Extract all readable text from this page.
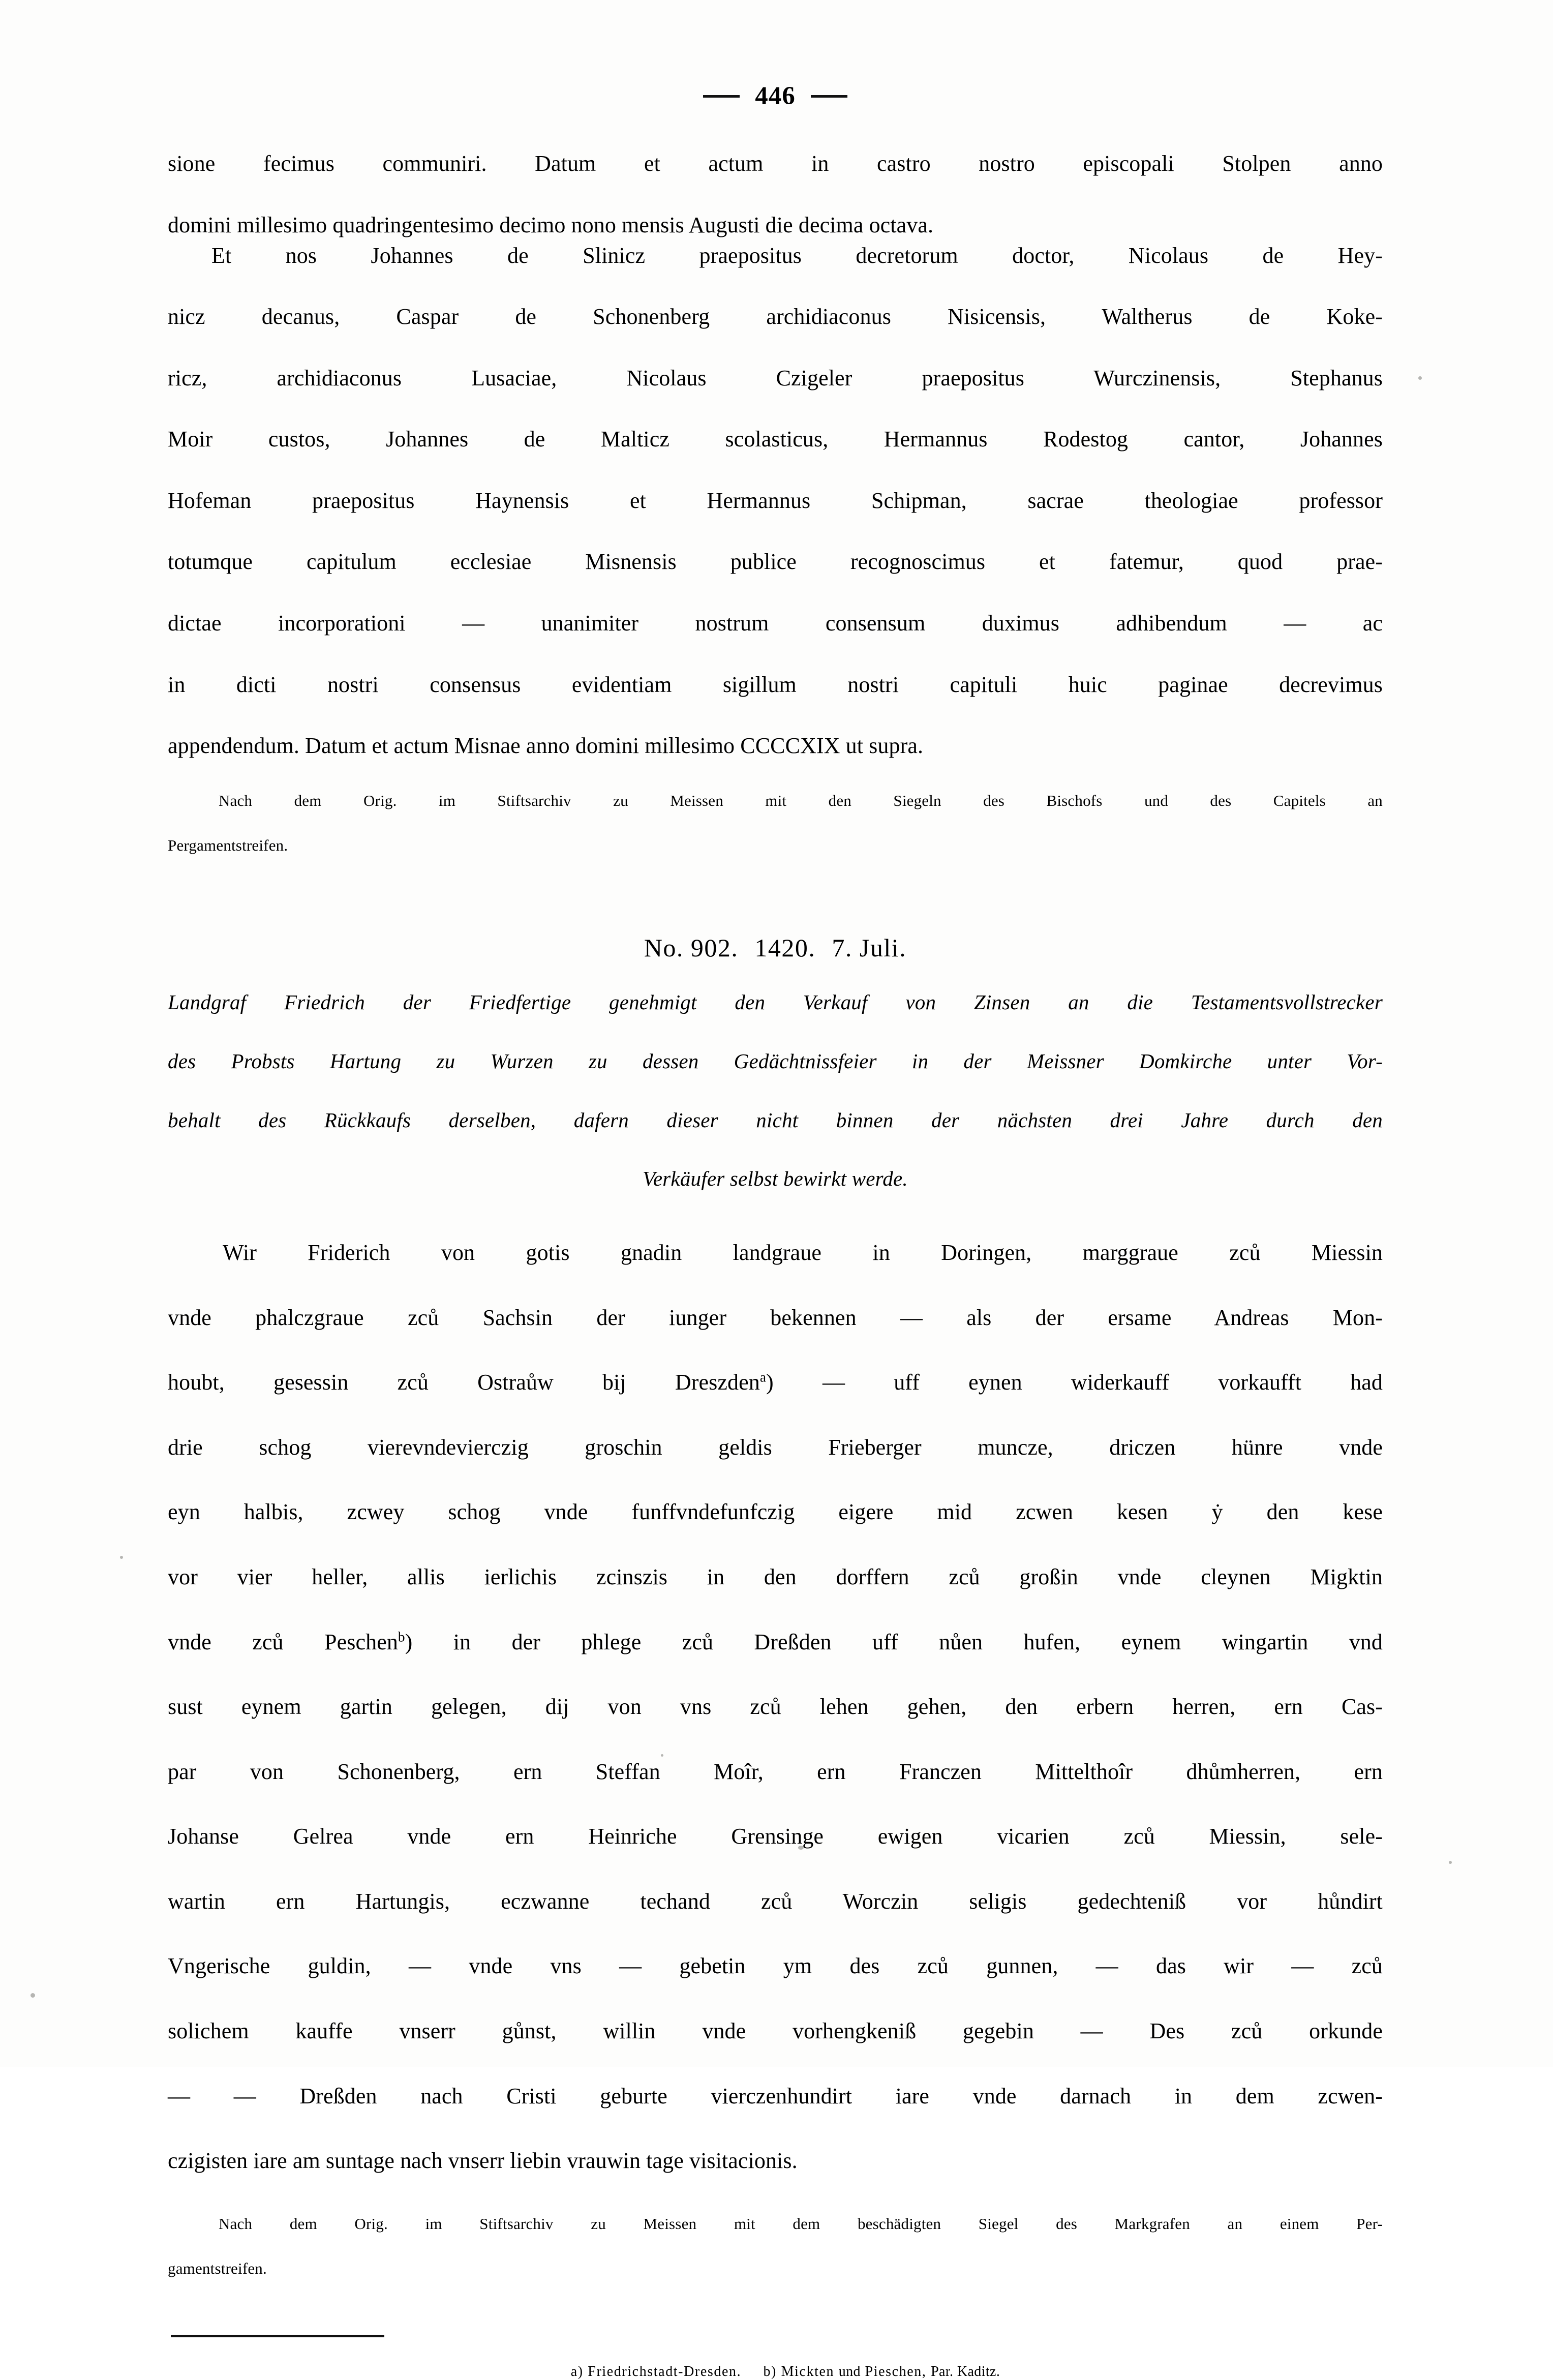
446

sione fecimus communiri. Datum et actum in castro nostro episcopali Stolpen anno
domini millesimo quadringentesimo decimo nono mensis Augusti die decima octava.

Et nos Johannes de Slinicz praepositus decretorum doctor, Nicolaus de Hey-
nicz decanus, Caspar de Schonenberg archidiaconus Nisicensis, Waltherus de Koke-
ricz, archidiaconus Lusaciae, Nicolaus Czigeler praepositus Wurczinensis, Stephanus
Moir custos, Johannes de Malticz scolasticus, Hermannus Rodestog cantor, Johannes
Hofeman praepositus Haynensis et Hermannus Schipman, sacrae theologiae professor
totumque capitulum ecclesiae Misnensis publice recognoscimus et fatemur, quod prae-
dictae incorporationi — unanimiter nostrum consensum duximus adhibendum — ac
in dicti nostri consensus evidentiam sigillum nostri capituli huic paginae decrevimus
appendendum. Datum et actum Misnae anno domini millesimo CCCCXIX ut supra.

Nach dem Orig. im Stiftsarchiv zu Meissen mit den Siegeln des Bischofs und des Capitels an
Pergamentstreifen.

No. 902. 1420. 7. Juli.

Landgraf Friedrich der Friedfertige genehmigt den Verkauf von Zinsen an die Testamentsvollstrecker
des Probsts Hartung zu Wurzen zu dessen Gedächtnissfeier in der Meissner Domkirche unter Vor-
behalt des Rückkaufs derselben, dafern dieser nicht binnen der nächsten drei Jahre durch den
Verkäufer selbst bewirkt werde.

Wir Friderich von gotis gnadin landgraue in Doringen, marggraue zců Miessin
vnde phalczgraue zců Sachsin der iunger bekennen — als der ersame Andreas Mon-
houbt, gesessin zců Ostraůw bij Dreszden$^a$) — uff eynen widerkauff vorkaufft had
drie schog vierevndevierczig groschin geldis Frieberger muncze, driczen hünre vnde
eyn halbis, zcwey schog vnde funffvndefunfczig eigere mid zcwen kesen ẏ den kese
vor vier heller, allis ierlichis zcinszis in den dorffern zců großin vnde cleynen Migktin
vnde zců Peschen$^b$) in der phlege zců Dreßden uff nůen hufen, eynem wingartin vnd
sust eynem gartin gelegen, dij von vns zců lehen gehen, den erbern herren, ern Cas-
par von Schonenberg, ern Steffan Moîr, ern Franczen Mittelthoîr dhůmherren, ern
Johanse Gelrea vnde ern Heinriche Grensinge ewigen vicarien zců Miessin, sele-
wartin ern Hartungis, eczwanne techand zců Worczin seligis gedechteniß vor hůndirt
Vngerische guldin, — vnde vns — gebetin ym des zců gunnen, — das wir — zců
solichem kauffe vnserr gůnst, willin vnde vorhengkeniß gegebin — Des zců orkunde
— — Dreßden nach Cristi geburte vierczenhundirt iare vnde darnach in dem zcwen-
czigisten iare am suntage nach vnserr liebin vrauwin tage visitacionis.

Nach dem Orig. im Stiftsarchiv zu Meissen mit dem beschädigten Siegel des Markgrafen an einem Per-
gamentstreifen.

a) Friedrichstadt-Dresden. b) Mickten und Pieschen, Par. Kaditz.
